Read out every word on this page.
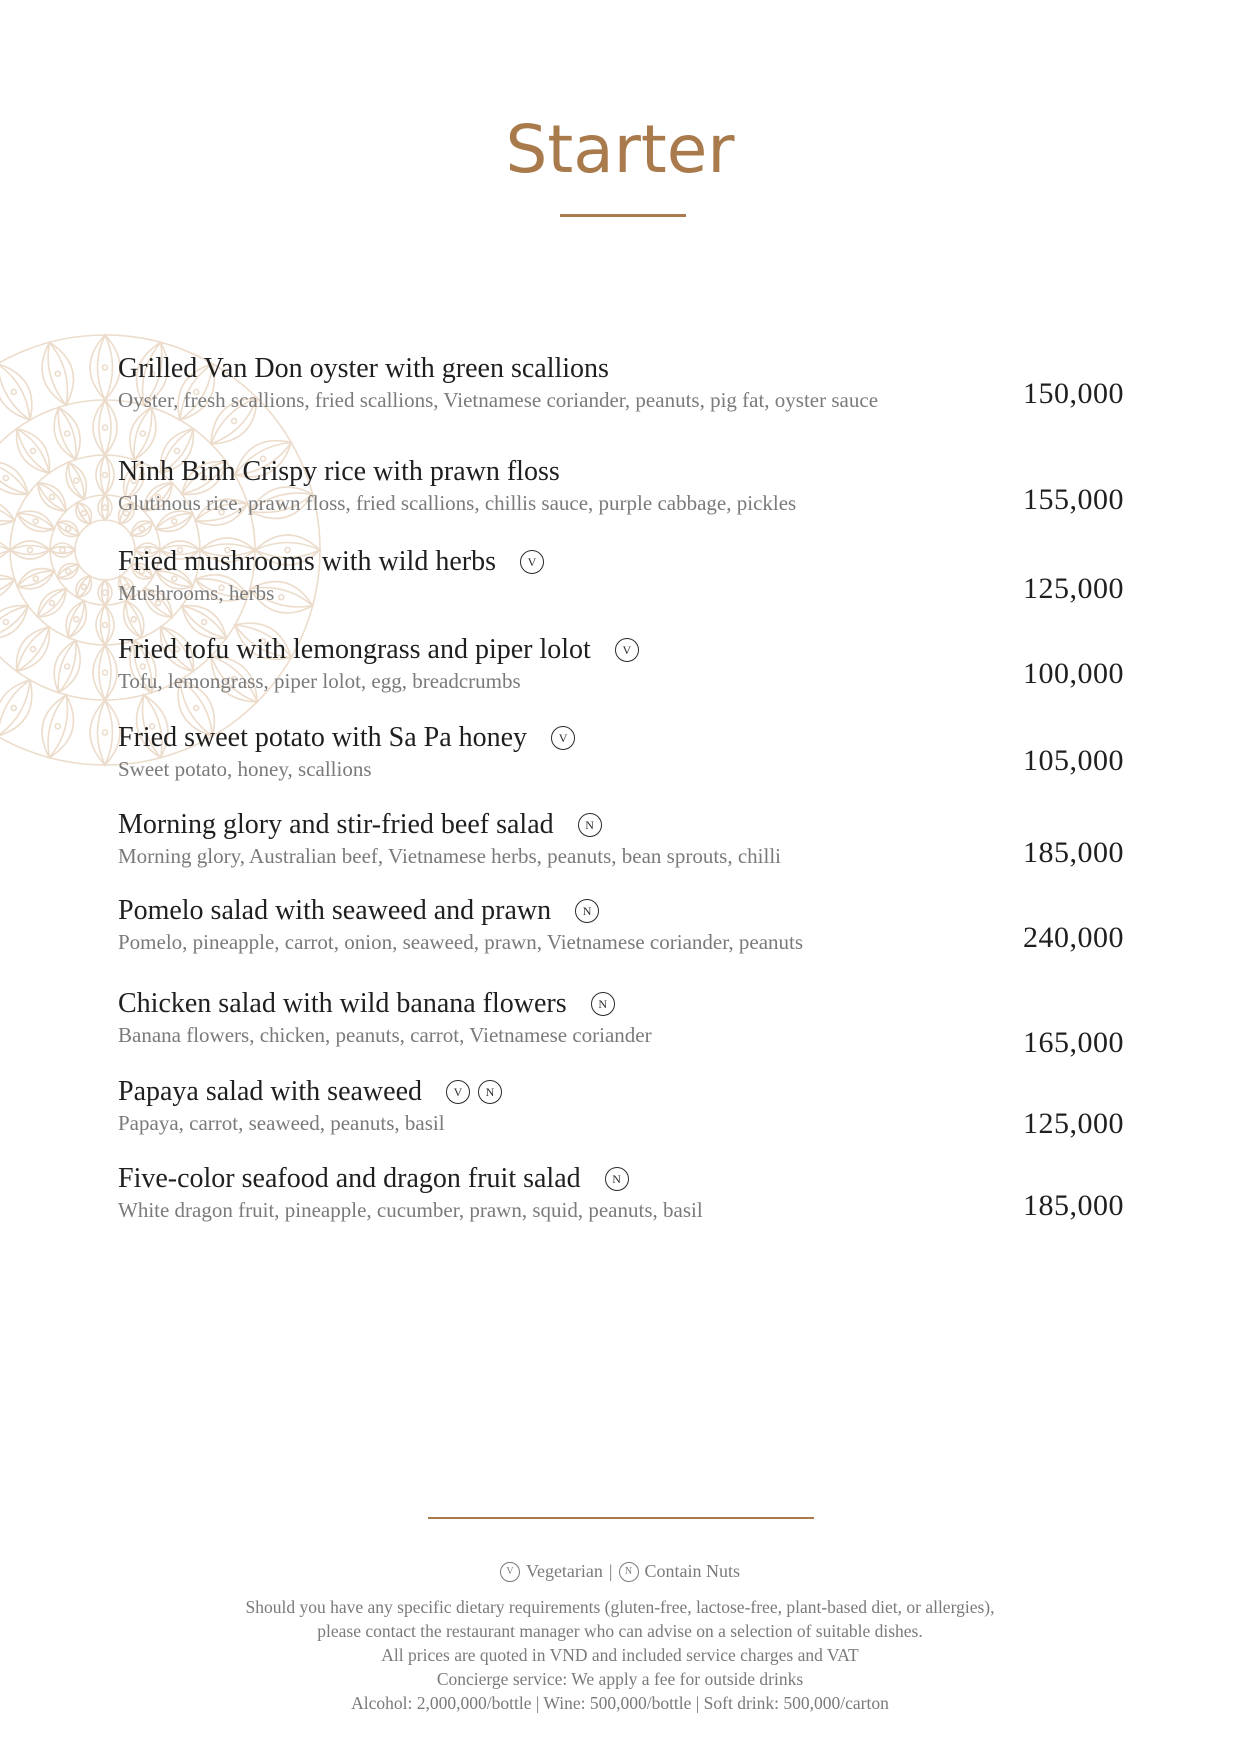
Starter
Grilled Van Don oyster with green scallions
Oyster, fresh scallions, fried scallions, Vietnamese coriander, peanuts, pig fat, oyster sauce	150,000
Ninh Binh Crispy rice with prawn floss
Glutinous rice, prawn floss, fried scallions, chillis sauce, purple cabbage, pickles	155,000
Fried mushrooms with wild herbs	V
Mushrooms, herbs	125,000
Fried tofu with lemongrass and piper lolot	V
Tofu, lemongrass, piper lolot, egg, breadcrumbs	100,000
Fried sweet potato with Sa Pa honey	V
Sweet potato, honey, scallions	105,000
Morning glory and stir-fried beef salad	N
Morning glory, Australian beef, Vietnamese herbs, peanuts, bean sprouts, chilli	185,000
Pomelo salad with seaweed and prawn	N
Pomelo, pineapple, carrot, onion, seaweed, prawn, Vietnamese coriander, peanuts	240,000
Chicken salad with wild banana flowers	N
Banana flowers, chicken, peanuts, carrot, Vietnamese coriander	165,000
Papaya salad with seaweed	V	N
Papaya, carrot, seaweed, peanuts, basil	125,000
Five-color seafood and dragon fruit salad	N
White dragon fruit, pineapple, cucumber, prawn, squid, peanuts, basil	185,000
V Vegetarian |	N Contain Nuts
Should you have any specific dietary requirements (gluten-free, lactose-free, plant-based diet, or allergies),
please contact the restaurant manager who can advise on a selection of suitable dishes.
All prices are quoted in VND and included service charges and VAT
Concierge service: We apply a fee for outside drinks
Alcohol: 2,000,000/bottle | Wine: 500,000/bottle | Soft drink: 500,000/carton
